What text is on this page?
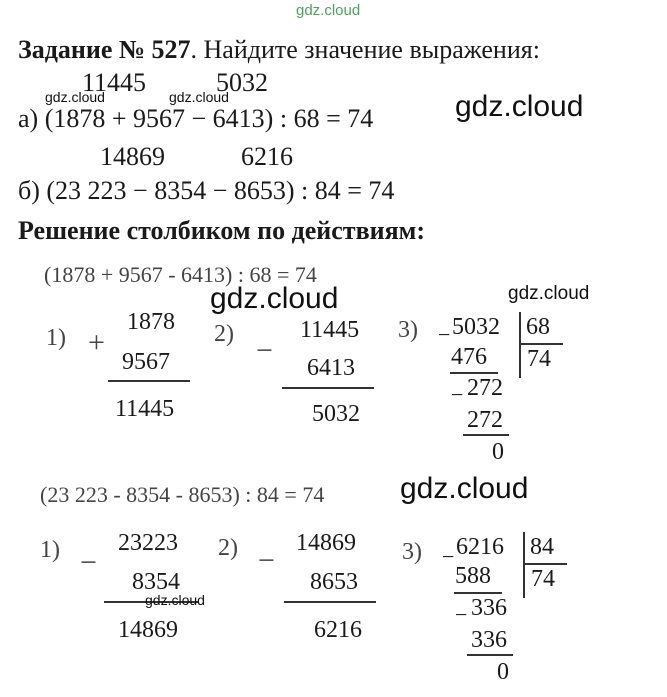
gdz.cloud
Задание № 527. Найдите значение выражения:
11445	5032
gdz.cloud	gdz.cloud
а) (1878 + 9567 − 6413) : 68 = 74	gdz.cloud
14869	6216
б) (23 223 − 8354 − 8653) : 84 = 74
Решение столбиком по действиям:
(1878 + 9567 - 6413) : 68 = 74
gdz.cloud	gdz.cloud
1) +
1878
9567
11445
2) −
11445
6413
5032
3) − 5032 68
74
476
− 272
272
0
(23 223 - 8354 - 8653) : 84 = 74	gdz.cloud
1) −
23223
8354
gdz.cloud
14869
2) −
14869
8653
6216
3) − 6216 84
74
588
− 336
336
0
